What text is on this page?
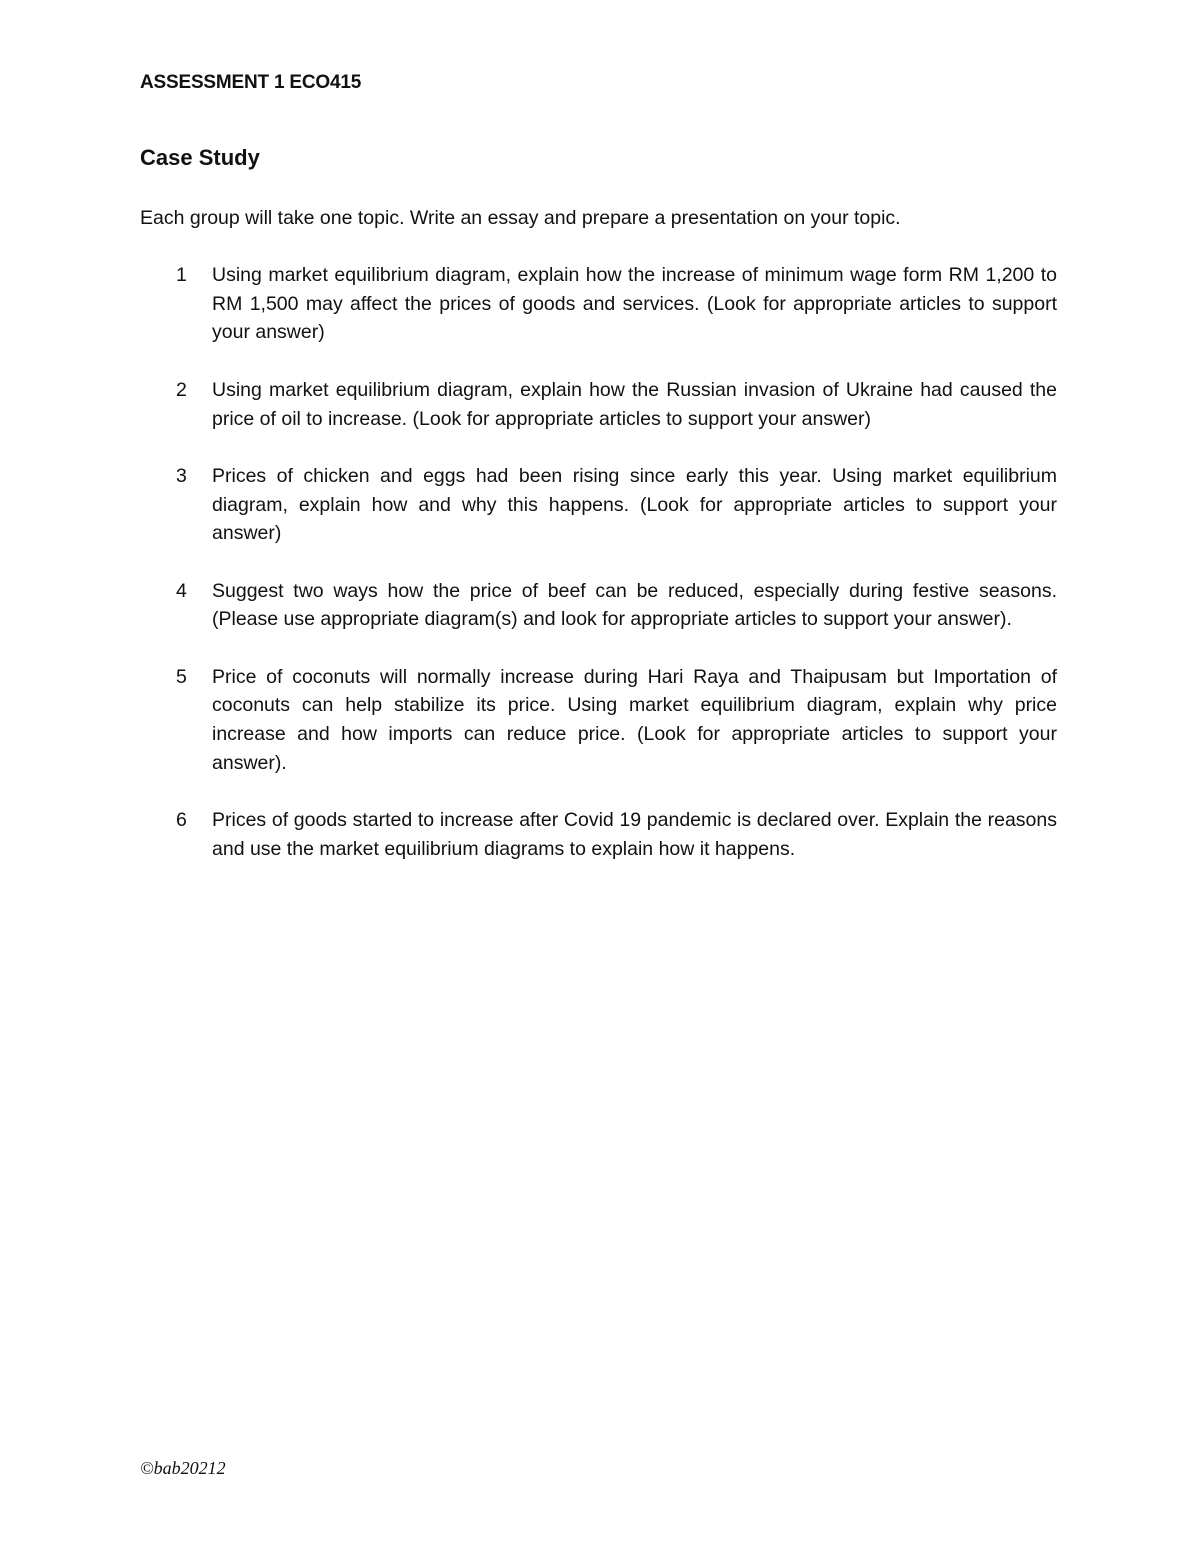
ASSESSMENT 1 ECO415
Case Study
Each group will take one topic. Write an essay and prepare a presentation on your topic.
1 Using market equilibrium diagram, explain how the increase of minimum wage form RM 1,200 to RM 1,500 may affect the prices of goods and services. (Look for appropriate articles to support your answer)
2 Using market equilibrium diagram, explain how the Russian invasion of Ukraine had caused the price of oil to increase. (Look for appropriate articles to support your answer)
3 Prices of chicken and eggs had been rising since early this year. Using market equilibrium diagram, explain how and why this happens. (Look for appropriate articles to support your answer)
4 Suggest two ways how the price of beef can be reduced, especially during festive seasons. (Please use appropriate diagram(s) and look for appropriate articles to support your answer).
5 Price of coconuts will normally increase during Hari Raya and Thaipusam but Importation of coconuts can help stabilize its price. Using market equilibrium diagram, explain why price increase and how imports can reduce price. (Look for appropriate articles to support your answer).
6 Prices of goods started to increase after Covid 19 pandemic is declared over. Explain the reasons and use the market equilibrium diagrams to explain how it happens.
©bab20212
